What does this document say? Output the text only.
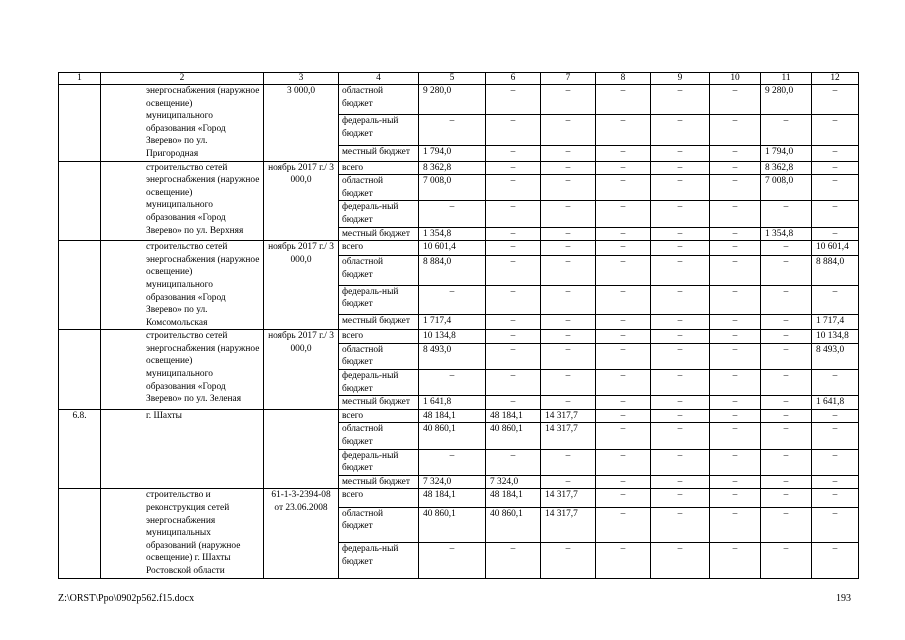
1	2	3	4	5	6	7	8	9	10	11	12
	энергоснабжения (наружное освещение) муниципального образования «Город Зверево» по ул. Пригородная	3 000,0	областной бюджет	9 280,0	–	–	–	–	–	9 280,0	–
			федераль-ный бюджет	–	–	–	–	–	–	–	–
			местный бюджет	1 794,0	–	–	–	–	–	1 794,0	–
	строительство сетей энергоснабжения (наружное освещение) муниципального образования «Город Зверево» по ул. Верхняя	ноябрь 2017 г./ 3 000,0	всего	8 362,8	–	–	–	–	–	8 362,8	–
			областной бюджет	7 008,0	–	–	–	–	–	7 008,0	–
			федераль-ный бюджет	–	–	–	–	–	–	–	–
			местный бюджет	1 354,8	–	–	–	–	–	1 354,8	–
	строительство сетей энергоснабжения (наружное освещение) муниципального образования «Город Зверево» по ул. Комсомольская	ноябрь 2017 г./ 3 000,0	всего	10 601,4	–	–	–	–	–	–	10 601,4
			областной бюджет	8 884,0	–	–	–	–	–	–	8 884,0
			федераль-ный бюджет	–	–	–	–	–	–	–	–
			местный бюджет	1 717,4	–	–	–	–	–	–	1 717,4
	строительство сетей энергоснабжения (наружное освещение) муниципального образования «Город Зверево» по ул. Зеленая	ноябрь 2017 г./ 3 000,0	всего	10 134,8	–	–	–	–	–	–	10 134,8
			областной бюджет	8 493,0	–	–	–	–	–	–	8 493,0
			федераль-ный бюджет	–	–	–	–	–	–	–	–
			местный бюджет	1 641,8	–	–	–	–	–	–	1 641,8
6.8.	г. Шахты		всего	48 184,1	48 184,1	14 317,7	–	–	–	–	–
			областной бюджет	40 860,1	40 860,1	14 317,7	–	–	–	–	–
			федераль-ный бюджет	–	–	–	–	–	–	–	–
			местный бюджет	7 324,0	7 324,0	–	–	–	–	–	–
	строительство и реконструкция сетей энергоснабжения муниципальных образований (наружное освещение) г. Шахты Ростовской области	61-1-3-2394-08 от 23.06.2008	всего	48 184,1	48 184,1	14 317,7	–	–	–	–	–
			областной бюджет	40 860,1	40 860,1	14 317,7	–	–	–	–	–
			федераль-ный бюджет	–	–	–	–	–	–	–	–
Z:\ORST\Ppo\0902p562.f15.docx	193
